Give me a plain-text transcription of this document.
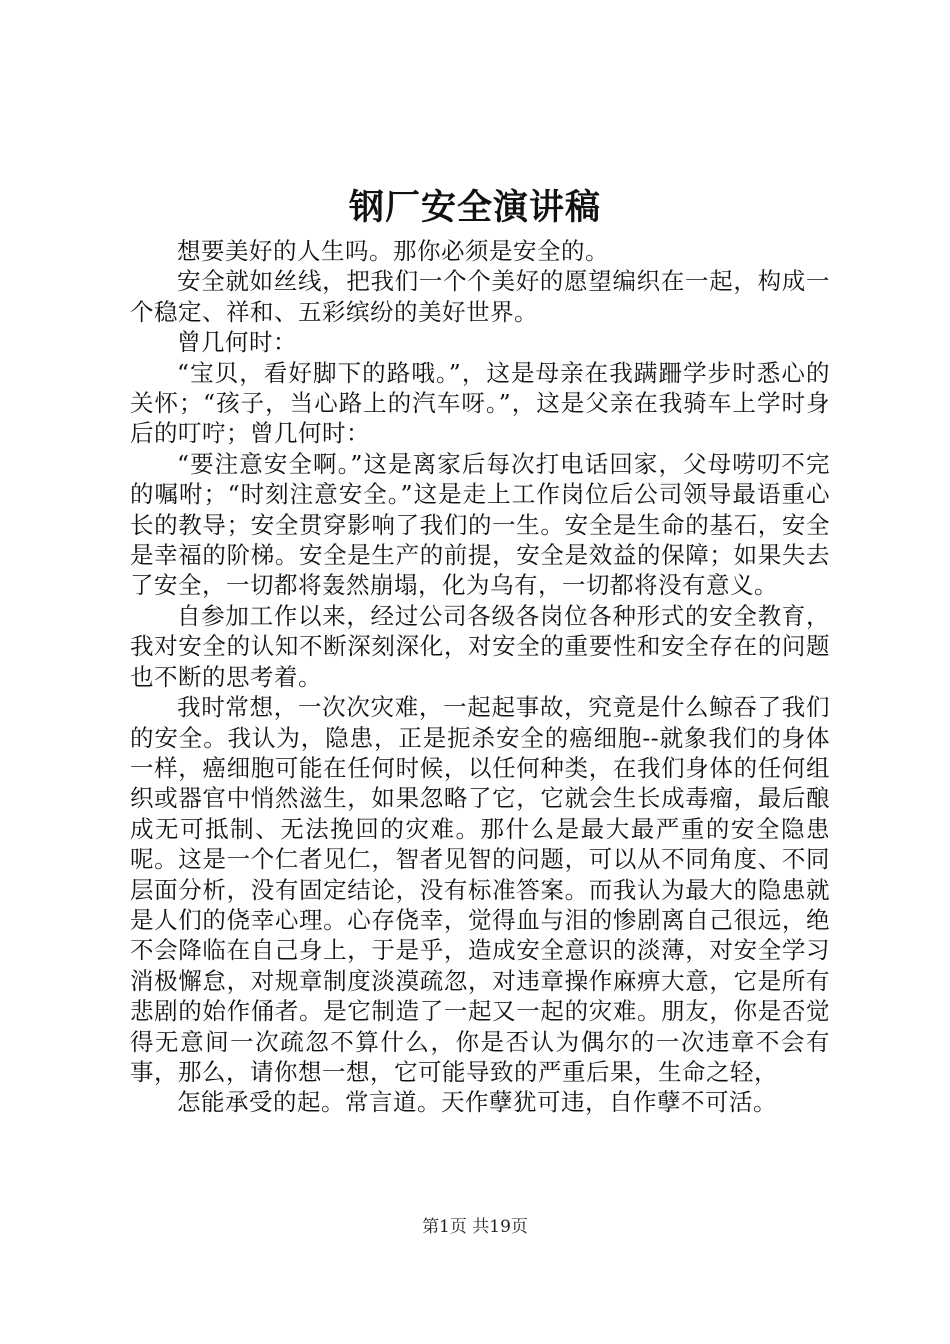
钢厂安全演讲稿

想要美好的人生吗。那你必须是安全的。

安全就如丝线，把我们一个个美好的愿望编织在一起，构成一个稳定、祥和、五彩缤纷的美好世界。

曾几何时：

“宝贝，看好脚下的路哦。”，这是母亲在我蹒跚学步时悉心的关怀；“孩子，当心路上的汽车呀。”，这是父亲在我骑车上学时身后的叮咛；曾几何时：

“要注意安全啊。”这是离家后每次打电话回家，父母唠叨不完的嘱咐；“时刻注意安全。”这是走上工作岗位后公司领导最语重心长的教导；安全贯穿影响了我们的一生。安全是生命的基石，安全是幸福的阶梯。安全是生产的前提，安全是效益的保障；如果失去了安全，一切都将轰然崩塌，化为乌有，一切都将没有意义。

自参加工作以来，经过公司各级各岗位各种形式的安全教育，我对安全的认知不断深刻深化，对安全的重要性和安全存在的问题也不断的思考着。

我时常想，一次次灾难，一起起事故，究竟是什么鲸吞了我们的安全。我认为，隐患，正是扼杀安全的癌细胞--就象我们的身体一样，癌细胞可能在任何时候，以任何种类，在我们身体的任何组织或器官中悄然滋生，如果忽略了它，它就会生长成毒瘤，最后酿成无可抵制、无法挽回的灾难。那什么是最大最严重的安全隐患呢。这是一个仁者见仁，智者见智的问题，可以从不同角度、不同层面分析，没有固定结论，没有标准答案。而我认为最大的隐患就是人们的侥幸心理。心存侥幸，觉得血与泪的惨剧离自己很远，绝不会降临在自己身上，于是乎，造成安全意识的淡薄，对安全学习消极懈怠，对规章制度淡漠疏忽，对违章操作麻痹大意，它是所有悲剧的始作俑者。是它制造了一起又一起的灾难。朋友，你是否觉得无意间一次疏忽不算什么，你是否认为偶尔的一次违章不会有事，那么，请你想一想，它可能导致的严重后果，生命之轻，

怎能承受的起。常言道。天作孽犹可违，自作孽不可活。

第1页 共19页
